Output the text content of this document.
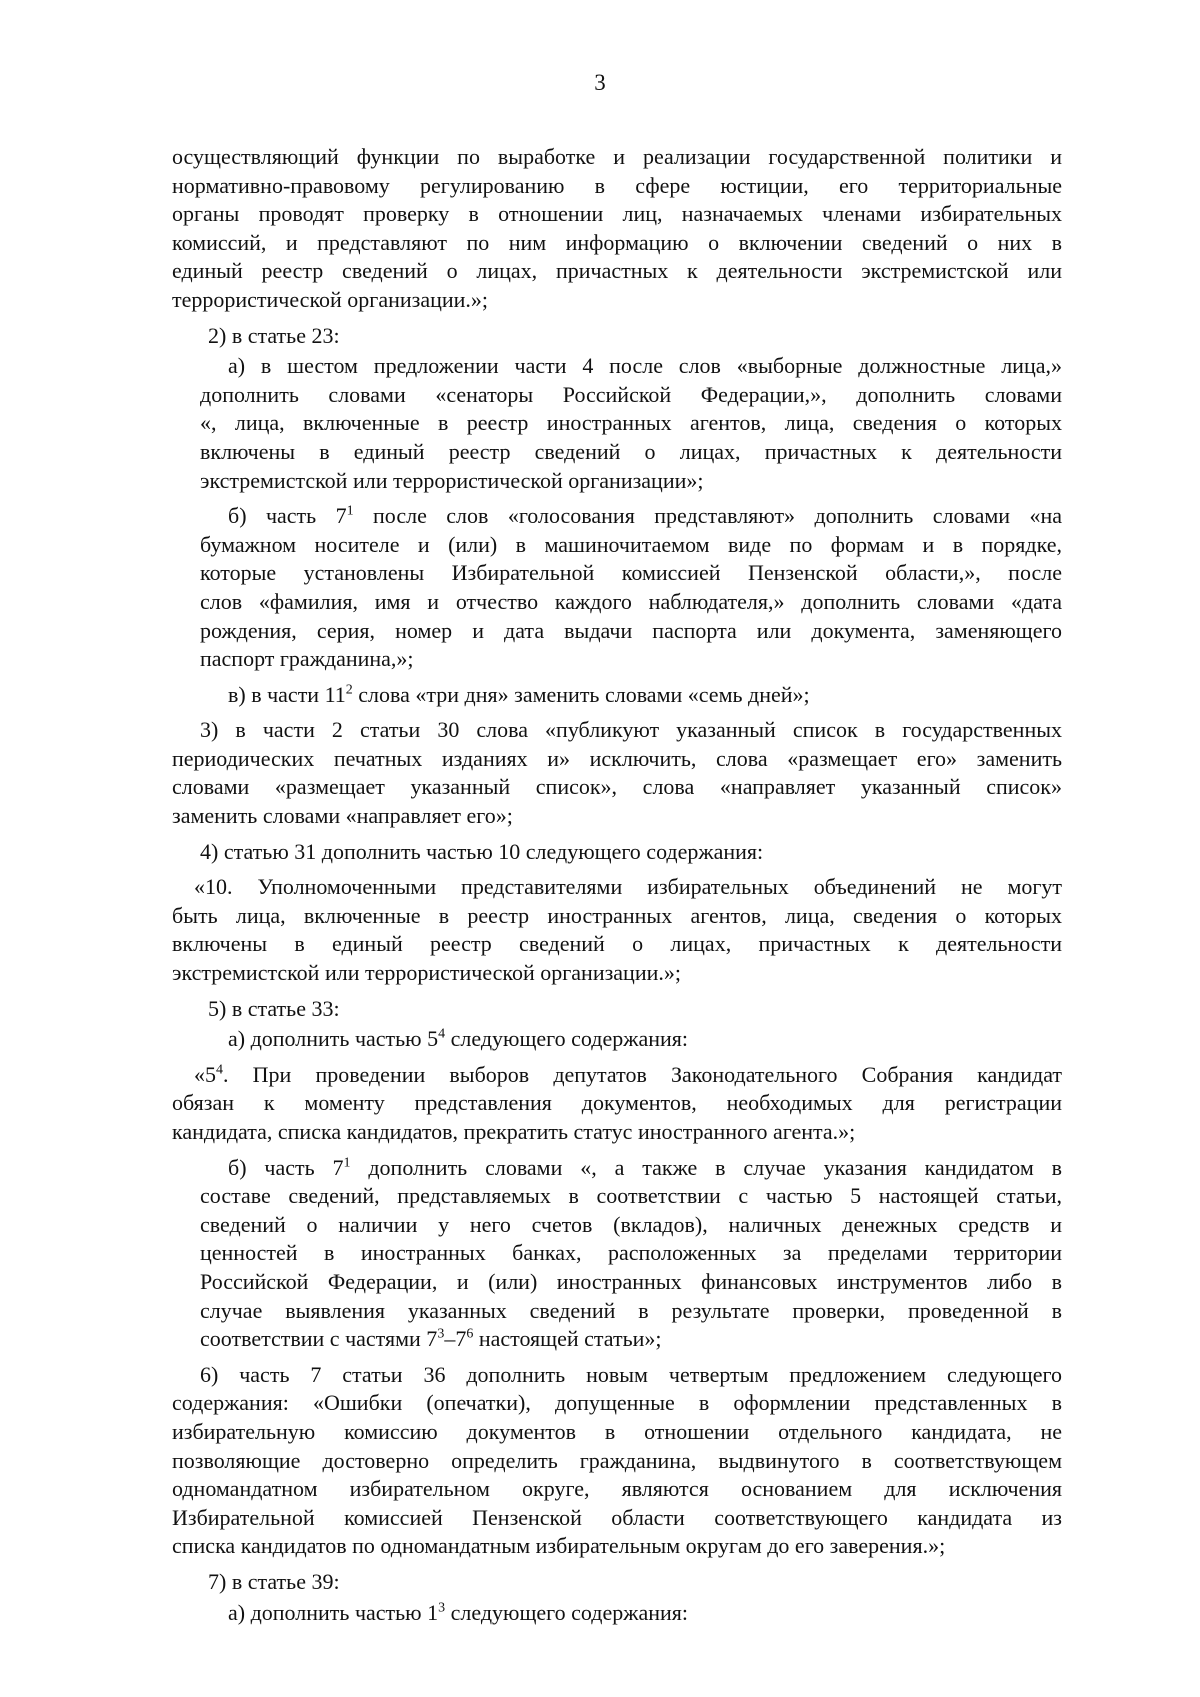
3
осуществляющий функции по выработке и реализации государственной политики и
нормативно-правовому регулированию в сфере юстиции, его территориальные
органы проводят проверку в отношении лиц, назначаемых членами избирательных
комиссий, и представляют по ним информацию о включении сведений о них в
единый реестр сведений о лицах, причастных к деятельности экстремистской или
террористической организации.»;
2) в статье 23:
а) в шестом предложении части 4 после слов «выборные должностные лица,»
дополнить словами «сенаторы Российской Федерации,», дополнить словами
«, лица, включенные в реестр иностранных агентов, лица, сведения о которых
включены в единый реестр сведений о лицах, причастных к деятельности
экстремистской или террористической организации»;
б) часть $7^1$ после слов «голосования представляют» дополнить словами «на
бумажном носителе и (или) в машиночитаемом виде по формам и в порядке,
которые установлены Избирательной комиссией Пензенской области,», после
слов «фамилия, имя и отчество каждого наблюдателя,» дополнить словами «дата
рождения, серия, номер и дата выдачи паспорта или документа, заменяющего
паспорт гражданина,»;
в) в части $11^2$ слова «три дня» заменить словами «семь дней»;
3) в части 2 статьи 30 слова «публикуют указанный список в государственных
периодических печатных изданиях и» исключить, слова «размещает его» заменить
словами «размещает указанный список», слова «направляет указанный список»
заменить словами «направляет его»;
4) статью 31 дополнить частью 10 следующего содержания:
«10. Уполномоченными представителями избирательных объединений не могут
быть лица, включенные в реестр иностранных агентов, лица, сведения о которых
включены в единый реестр сведений о лицах, причастных к деятельности
экстремистской или террористической организации.»;
5) в статье 33:
а) дополнить частью $5^4$ следующего содержания:
«$5^4$. При проведении выборов депутатов Законодательного Собрания кандидат
обязан к моменту представления документов, необходимых для регистрации
кандидата, списка кандидатов, прекратить статус иностранного агента.»;
б) часть $7^1$ дополнить словами «, а также в случае указания кандидатом в
составе сведений, представляемых в соответствии с частью 5 настоящей статьи,
сведений о наличии у него счетов (вкладов), наличных денежных средств и
ценностей в иностранных банках, расположенных за пределами территории
Российской Федерации, и (или) иностранных финансовых инструментов либо в
случае выявления указанных сведений в результате проверки, проведенной в
соответствии с частями $7^3-7^6$ настоящей статьи»;
6) часть 7 статьи 36 дополнить новым четвертым предложением следующего
содержания: «Ошибки (опечатки), допущенные в оформлении представленных в
избирательную комиссию документов в отношении отдельного кандидата, не
позволяющие достоверно определить гражданина, выдвинутого в соответствующем
одномандатном избирательном округе, являются основанием для исключения
Избирательной комиссией Пензенской области соответствующего кандидата из
списка кандидатов по одномандатным избирательным округам до его заверения.»;
7) в статье 39:
а) дополнить частью $1^3$ следующего содержания:
